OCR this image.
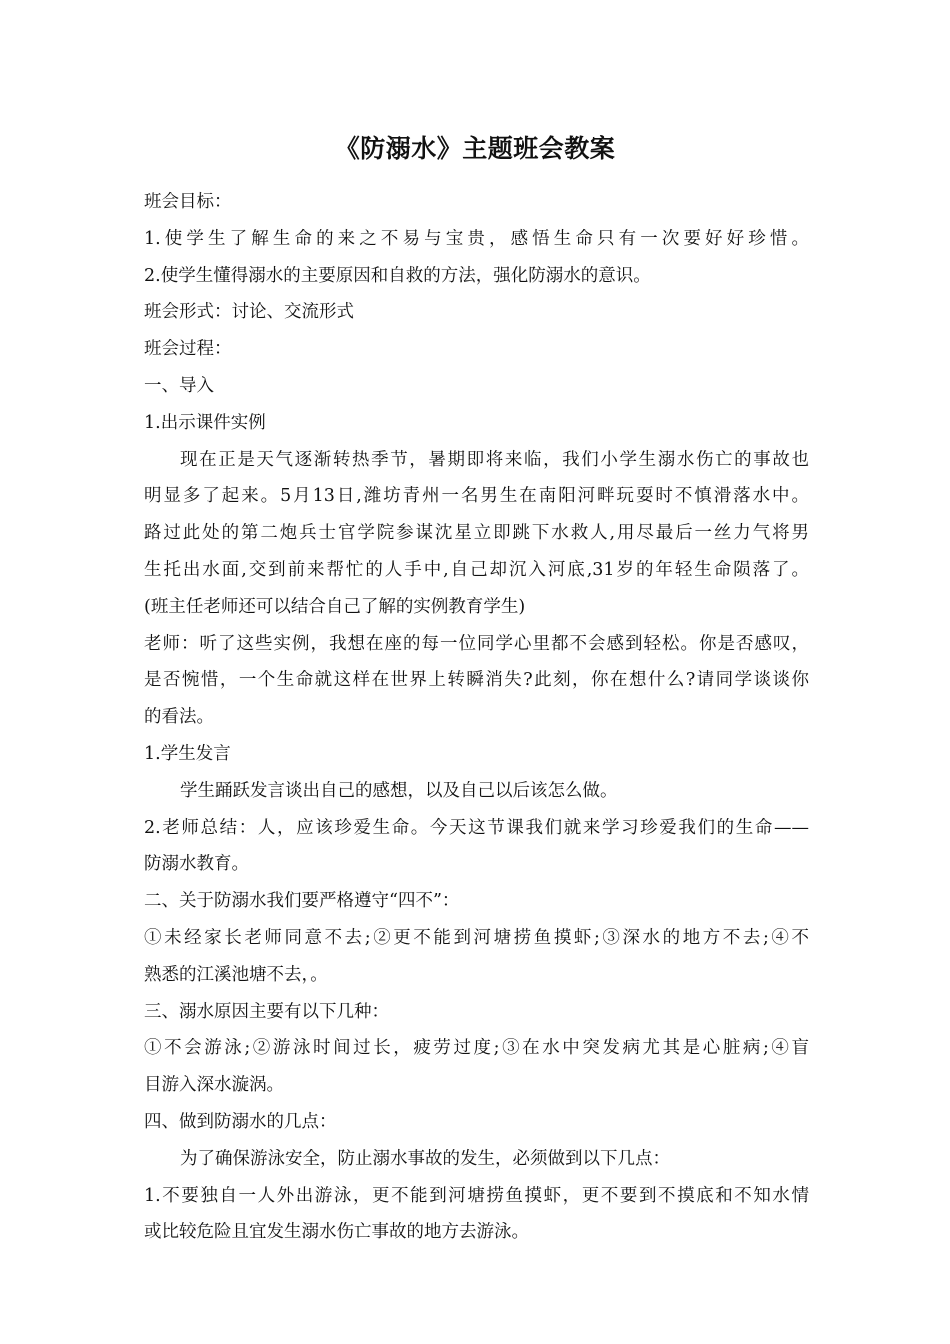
《防溺水》主题班会教案
班会目标：
1.使学生了解生命的来之不易与宝贵，感悟生命只有一次要好好珍惜。
2.使学生懂得溺水的主要原因和自救的方法，强化防溺水的意识。
班会形式：讨论、交流形式
班会过程：
一、导入
1.出示课件实例
现在正是天气逐渐转热季节，暑期即将来临，我们小学生溺水伤亡的事故也
明显多了起来。5月13日,潍坊青州一名男生在南阳河畔玩耍时不慎滑落水中。
路过此处的第二炮兵士官学院参谋沈星立即跳下水救人,用尽最后一丝力气将男
生托出水面,交到前来帮忙的人手中,自己却沉入河底,31岁的年轻生命陨落了。
(班主任老师还可以结合自己了解的实例教育学生)
老师：听了这些实例，我想在座的每一位同学心里都不会感到轻松。你是否感叹，
是否惋惜，一个生命就这样在世界上转瞬消失?此刻，你在想什么?请同学谈谈你
的看法。
1.学生发言
学生踊跃发言谈出自己的感想，以及自己以后该怎么做。
2.老师总结：人，应该珍爱生命。今天这节课我们就来学习珍爱我们的生命——
防溺水教育。
二、关于防溺水我们要严格遵守“四不”：
①未经家长老师同意不去;②更不能到河塘捞鱼摸虾;③深水的地方不去;④不
熟悉的江溪池塘不去，。
三、溺水原因主要有以下几种：
①不会游泳;②游泳时间过长，疲劳过度;③在水中突发病尤其是心脏病;④盲
目游入深水漩涡。
四、做到防溺水的几点：
为了确保游泳安全，防止溺水事故的发生，必须做到以下几点：
1.不要独自一人外出游泳，更不能到河塘捞鱼摸虾，更不要到不摸底和不知水情
或比较危险且宜发生溺水伤亡事故的地方去游泳。
